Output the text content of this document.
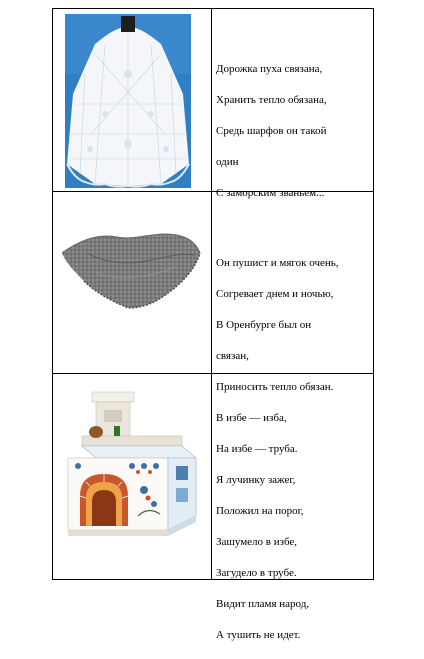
Дорожка пуха связана,

Хранить тепло обязана,

Средь шарфов он такой

один

С заморским званьем...

Он пушист и мягок очень,

Согревает днем и ночью,

В Оренбурге был он

связан,

Приносить тепло обязан.

В избе — изба,

На избе — труба.

Я лучинку зажег,

Положил на порог,

Зашумело в избе,

Загудело в трубе.

Видит пламя народ,

А тушить не идет.
